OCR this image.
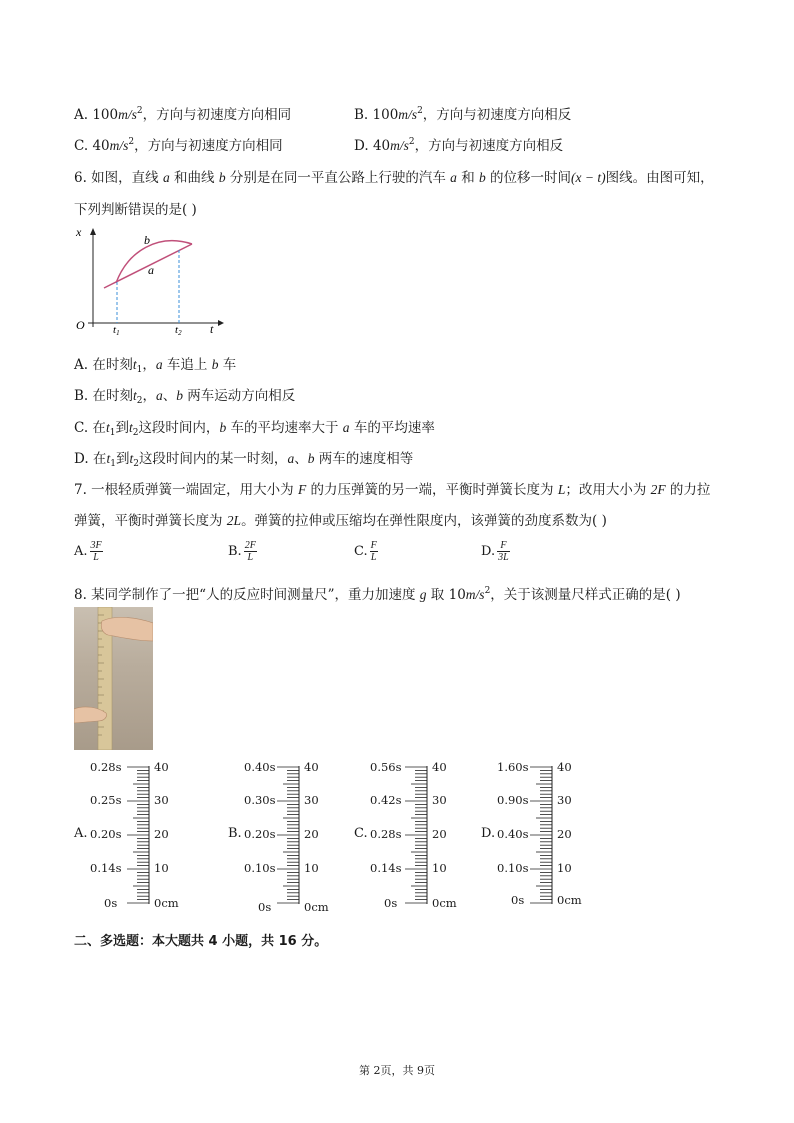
A. $100m/s^2$，方向与初速度方向相同	B. $100m/s^2$，方向与初速度方向相反
C. $40m/s^2$，方向与初速度方向相同	D. $40m/s^2$，方向与初速度方向相反
6. 如图，直线 a 和曲线 b 分别是在同一平直公路上行驶的汽车 a 和 b 的位移一时间(x − t)图线。由图可知，
下列判断错误的是( )
x
t
O	t1	t2
b
a
A. 在时刻$t_1$，a 车追上 b 车
B. 在时刻$t_2$，a、b 两车运动方向相反
C. 在$t_1$到$t_2$这段时间内，b 车的平均速率大于 a 车的平均速率
D. 在$t_1$到$t_2$这段时间内的某一时刻，a、b 两车的速度相等
7. 一根轻质弹簧一端固定，用大小为 F 的力压弹簧的另一端，平衡时弹簧长度为 L；改用大小为 2F 的力拉
弹簧，平衡时弹簧长度为 2L。弹簧的拉伸或压缩均在弹性限度内，该弹簧的劲度系数为( )
A. $\frac{3F}{L}$	B. $\frac{2F}{L}$	C. $\frac{F}{L}$	D. $\frac{F}{3L}$
8. 某同学制作了一把“人的反应时间测量尺”，重力加速度 g 取 $10m/s^2$，关于该测量尺样式正确的是( )
0.28s
0.25s
A. 0.20s
0.14s
0s
40
30
20
10
0cm
0.40s
0.30s
B. 0.20s
0.10s
0s
40
30
20
10
0cm
0.56s
0.42s
C. 0.28s
0.14s
0s
40
30
20
10
0cm
1.60s
0.90s
D. 0.40s
0.10s
0s
40
30
20
10
0cm
二、多选题：本大题共 4 小题，共 16 分。
第 2页，共 9页
